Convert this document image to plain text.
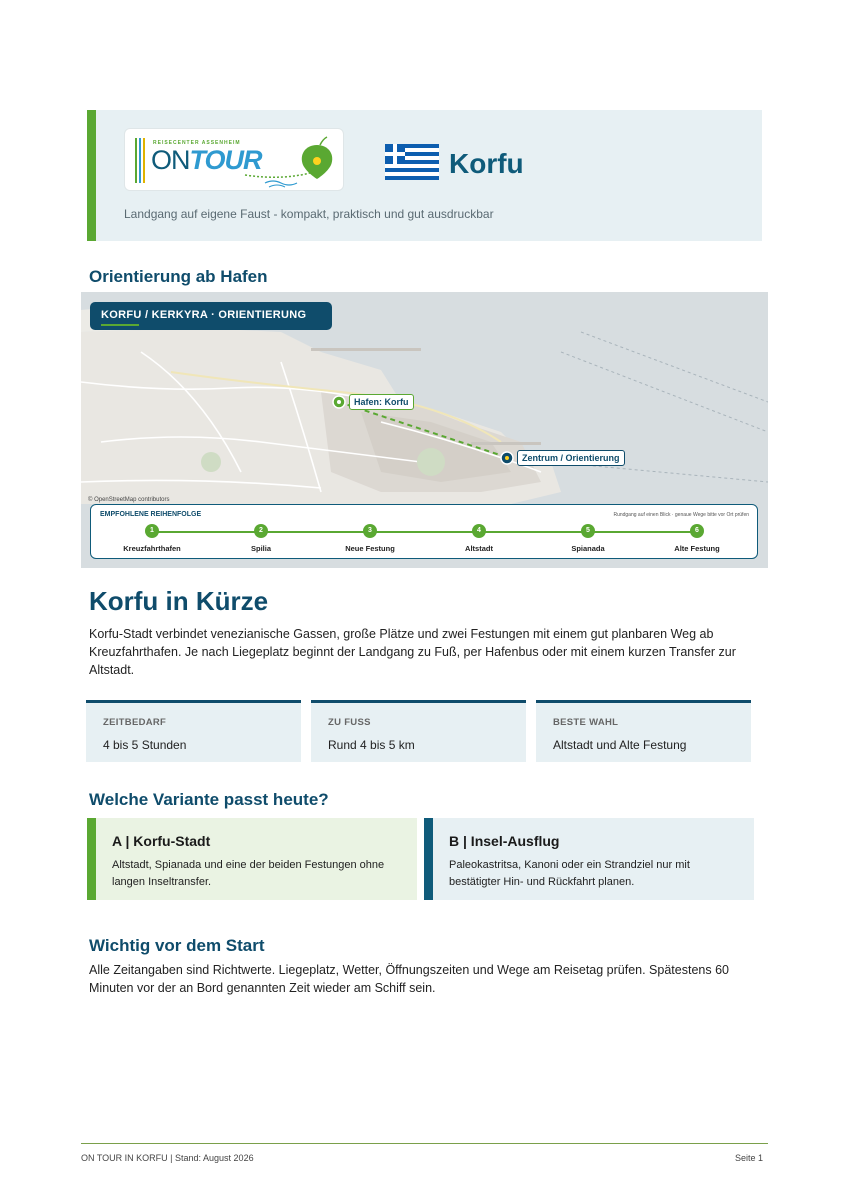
REISECENTER ASSENHEIM
ONTOUR	Korfu
Landgang auf eigene Faust - kompakt, praktisch und gut ausdruckbar
Orientierung ab Hafen
KORFU / KERKYRA · ORIENTIERUNG
Hafen: Korfu
Zentrum / Orientierung
© OpenStreetMap contributors
EMPFOHLENE REIHENFOLGE	Rundgang auf einen Blick · genaue Wege bitte vor Ort prüfen
1
Kreuzfahrthafen
2
Spilia
3
Neue Festung
4
Altstadt
5
Spianada
6
Alte Festung
Korfu in Kürze

Korfu-Stadt verbindet venezianische Gassen, große Plätze und zwei Festungen mit einem gut planbaren Weg ab Kreuzfahrthafen. Je nach Liegeplatz beginnt der Landgang zu Fuß, per Hafenbus oder mit einem kurzen Transfer zur Altstadt.

ZEITBEDARF
4 bis 5 Stunden
ZU FUSS
Rund 4 bis 5 km
BESTE WAHL
Altstadt und Alte Festung
Welche Variante passt heute?
A | Korfu-Stadt
Altstadt, Spianada und eine der beiden Festungen ohne langen Inseltransfer.
B | Insel-Ausflug
Paleokastritsa, Kanoni oder ein Strandziel nur mit bestätigter Hin- und Rückfahrt planen.
Wichtig vor dem Start

Alle Zeitangaben sind Richtwerte. Liegeplatz, Wetter, Öffnungszeiten und Wege am Reisetag prüfen. Spätestens 60 Minuten vor der an Bord genannten Zeit wieder am Schiff sein.

ON TOUR IN KORFU | Stand: August 2026	Seite 1
